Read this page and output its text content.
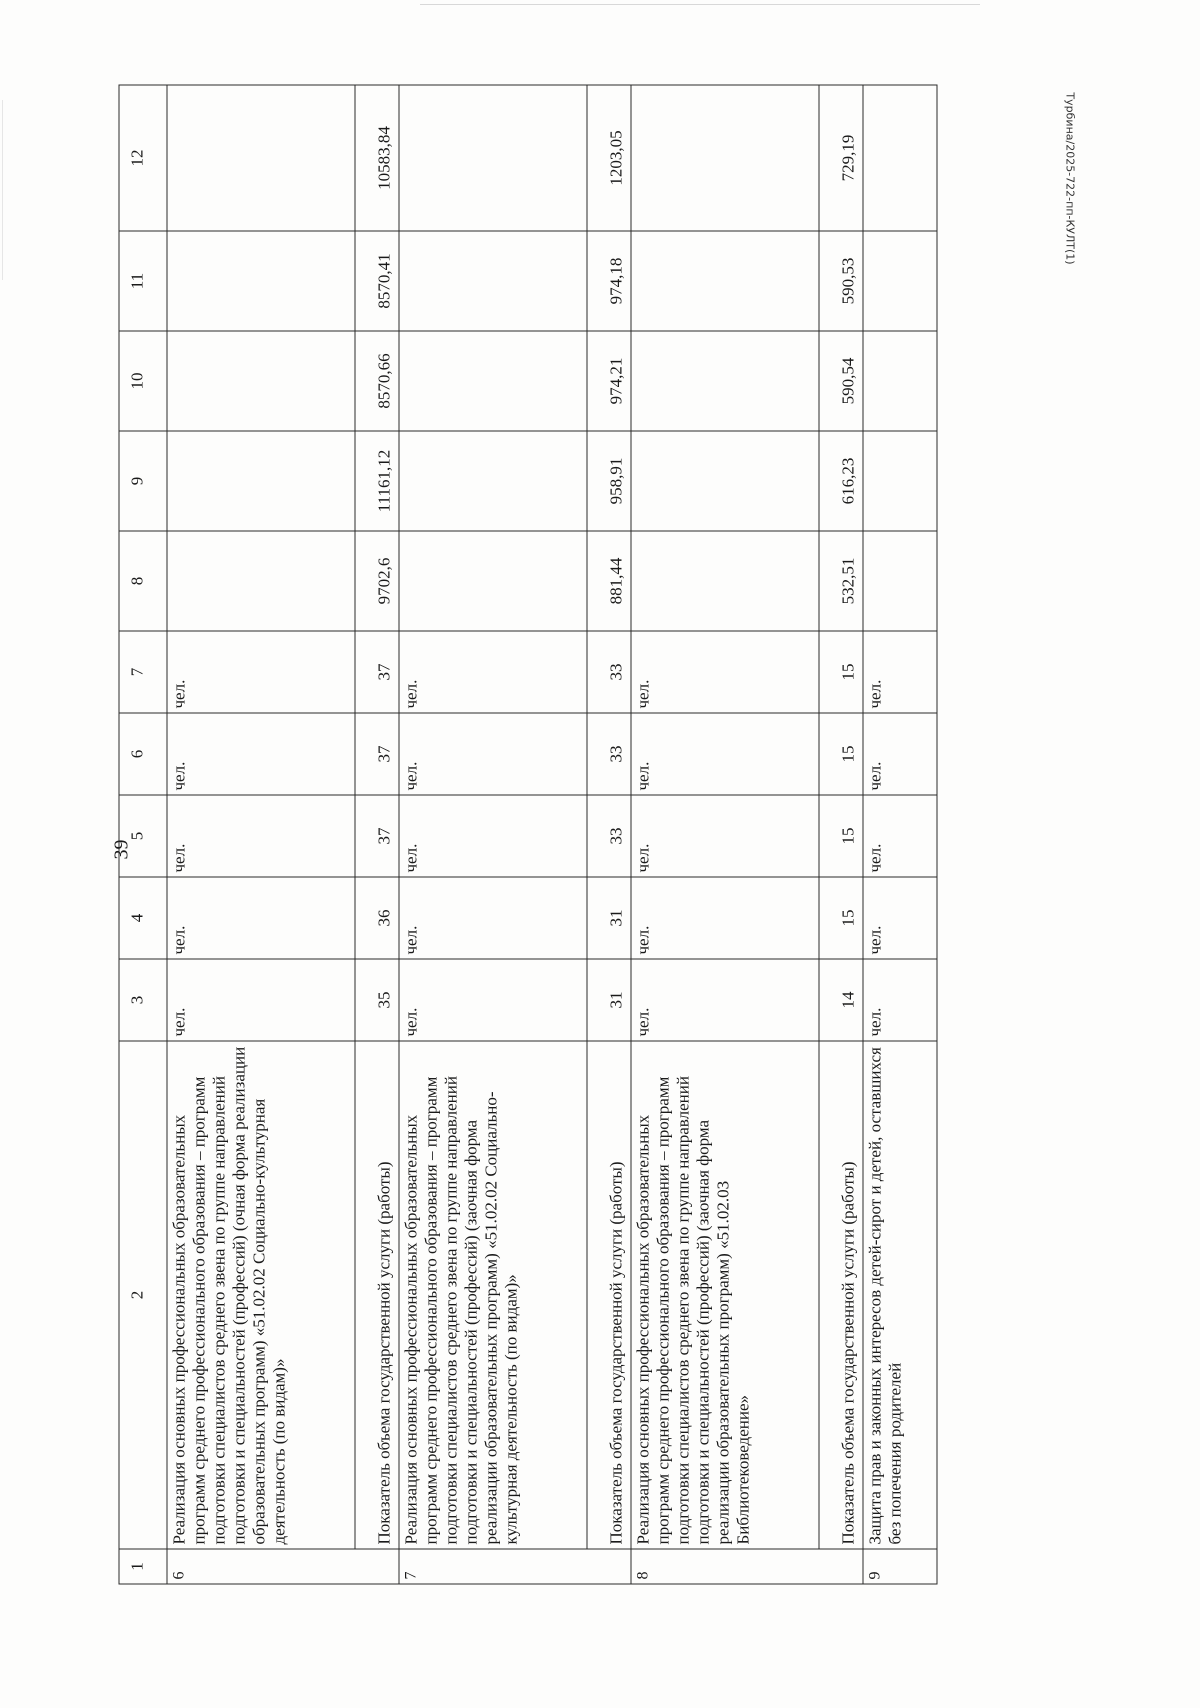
39
Турбина/2025-722-пп-КУЛТ(1)
1	2	3	4	5	6	7	8	9	10	11	12
6	Реализация основных профессиональных образовательных программ среднего профессионального образования – программ подготовки специалистов среднего звена по группе направлений подготовки и специальностей (профессий) (очная форма реализации образовательных программ) «51.02.02 Социально-культурная деятельность (по видам)»	чел.	чел.	чел.	чел.	чел.					
	Показатель объема государственной услуги (работы)	35	36	37	37	37	9702,6	11161,12	8570,66	8570,41	10583,84
7	Реализация основных профессиональных образовательных программ среднего профессионального образования – программ подготовки специалистов среднего звена по группе направлений подготовки и специальностей (профессий) (заочная форма реализации образовательных программ) «51.02.02 Социально-культурная деятельность (по видам)»	чел.	чел.	чел.	чел.	чел.					
	Показатель объема государственной услуги (работы)	31	31	33	33	33	881,44	958,91	974,21	974,18	1203,05
8	Реализация основных профессиональных образовательных программ среднего профессионального образования – программ подготовки специалистов среднего звена по группе направлений подготовки и специальностей (профессий) (заочная форма реализации образовательных программ) «51.02.03 Библиотековедение»	чел.	чел.	чел.	чел.	чел.					
	Показатель объема государственной услуги (работы)	14	15	15	15	15	532,51	616,23	590,54	590,53	729,19
9	Защита прав и законных интересов детей-сирот и детей, оставшихся без попечения родителей	чел.	чел.	чел.	чел.	чел.					
